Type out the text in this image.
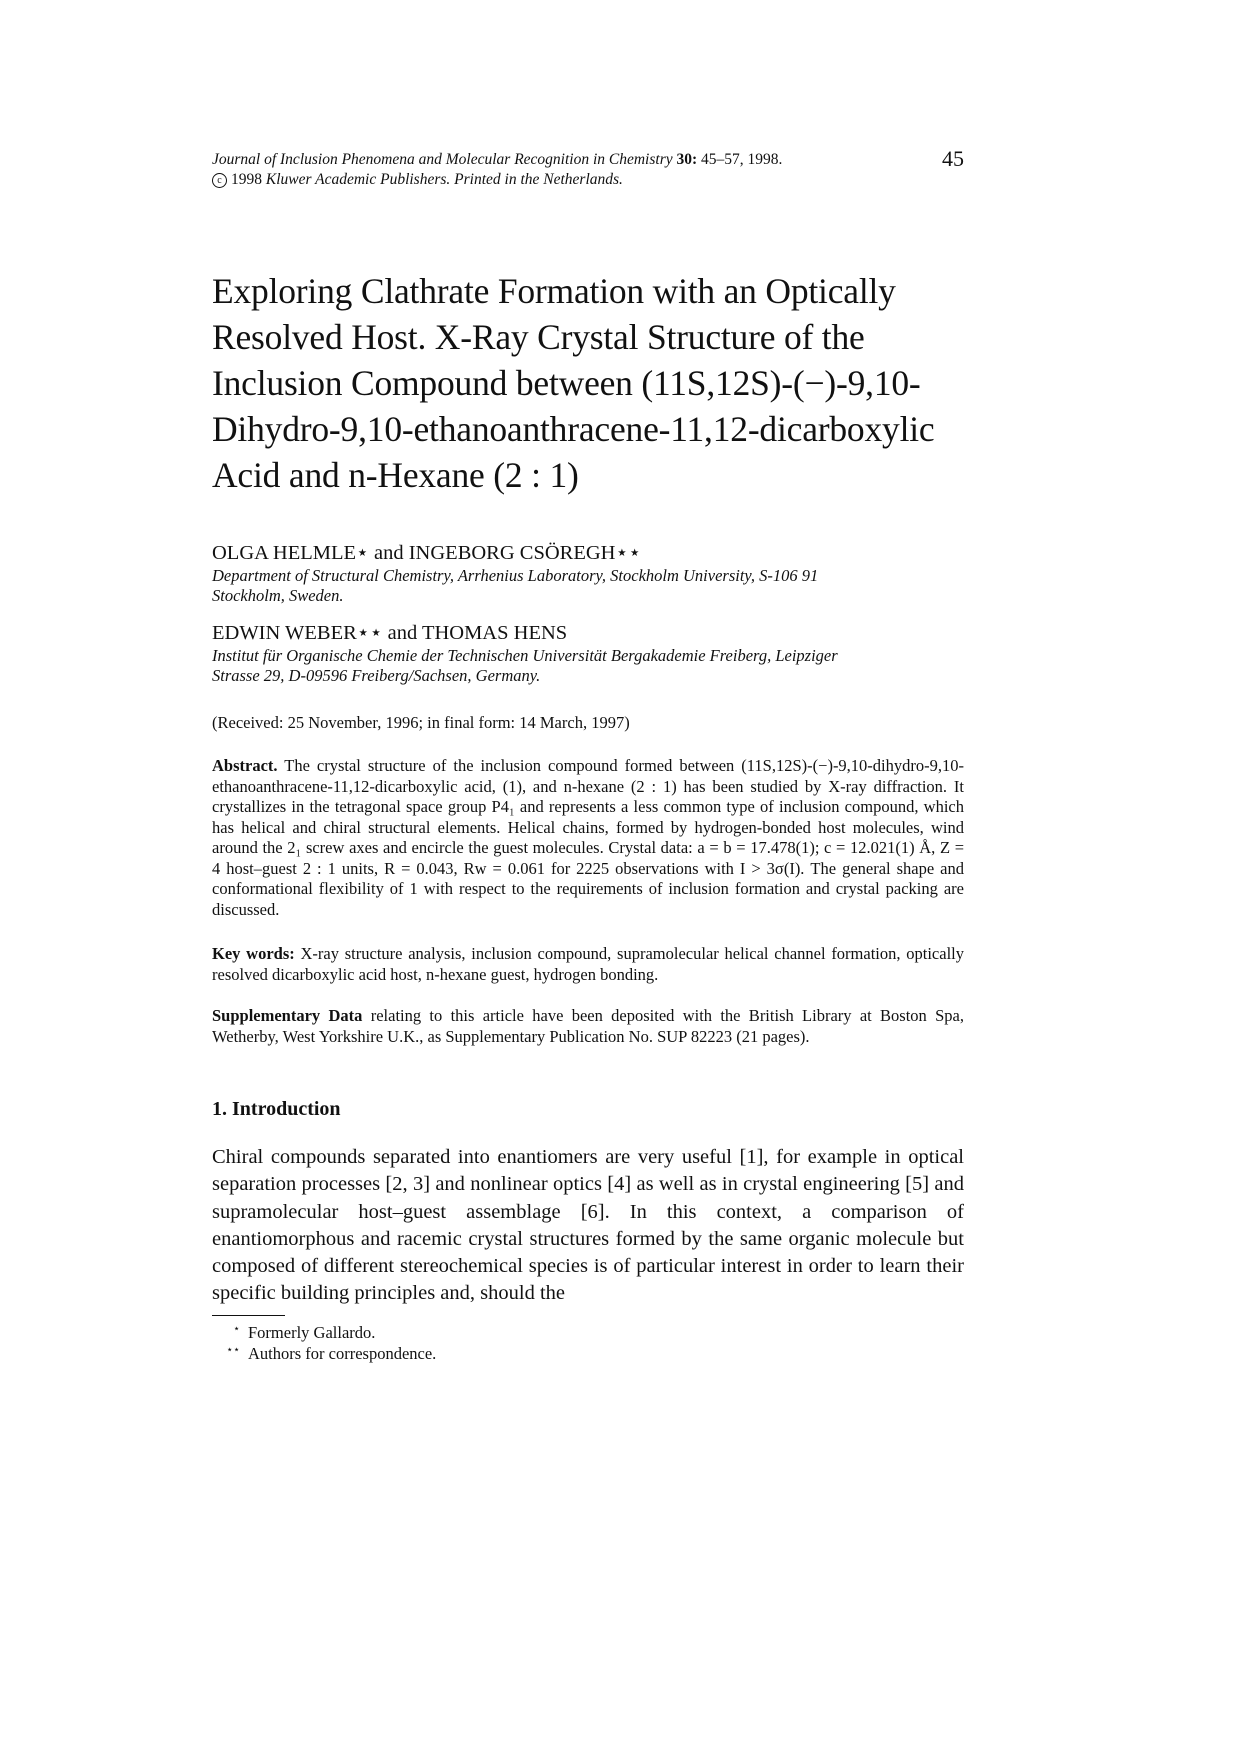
Journal of Inclusion Phenomena and Molecular Recognition in Chemistry 30: 45–57, 1998.
c 1998 Kluwer Academic Publishers. Printed in the Netherlands.
45
Exploring Clathrate Formation with an Optically
Resolved Host. X-Ray Crystal Structure of the
Inclusion Compound between (11S,12S)-(−)-9,10-
Dihydro-9,10-ethanoanthracene-11,12-dicarboxylic
Acid and n-Hexane (2 : 1)
OLGA HELMLE⋆ and INGEBORG CSÖREGH⋆⋆
Department of Structural Chemistry, Arrhenius Laboratory, Stockholm University, S-106 91
Stockholm, Sweden.
EDWIN WEBER⋆⋆ and THOMAS HENS
Institut für Organische Chemie der Technischen Universität Bergakademie Freiberg, Leipziger
Strasse 29, D-09596 Freiberg/Sachsen, Germany.
(Received: 25 November, 1996; in final form: 14 March, 1997)
Abstract. The crystal structure of the inclusion compound formed between (11S,12S)-(−)-9,10-dihydro-9,10-ethanoanthracene-11,12-dicarboxylic acid, (1), and n-hexane (2 : 1) has been studied by X-ray diffraction. It crystallizes in the tetragonal space group P4₁ and represents a less common type of inclusion compound, which has helical and chiral structural elements. Helical chains, formed by hydrogen-bonded host molecules, wind around the 2₁ screw axes and encircle the guest molecules. Crystal data: a = b = 17.478(1); c = 12.021(1) Å, Z = 4 host–guest 2 : 1 units, R = 0.043, Rw = 0.061 for 2225 observations with I > 3σ(I). The general shape and conformational flexibility of 1 with respect to the requirements of inclusion formation and crystal packing are discussed.
Key words: X-ray structure analysis, inclusion compound, supramolecular helical channel formation, optically resolved dicarboxylic acid host, n-hexane guest, hydrogen bonding.
Supplementary Data relating to this article have been deposited with the British Library at Boston Spa, Wetherby, West Yorkshire U.K., as Supplementary Publication No. SUP 82223 (21 pages).
1. Introduction
Chiral compounds separated into enantiomers are very useful [1], for example in optical separation processes [2, 3] and nonlinear optics [4] as well as in crystal engineering [5] and supramolecular host–guest assemblage [6]. In this context, a comparison of enantiomorphous and racemic crystal structures formed by the same organic molecule but composed of different stereochemical species is of particular interest in order to learn their specific building principles and, should the
⋆ Formerly Gallardo.
⋆⋆ Authors for correspondence.
